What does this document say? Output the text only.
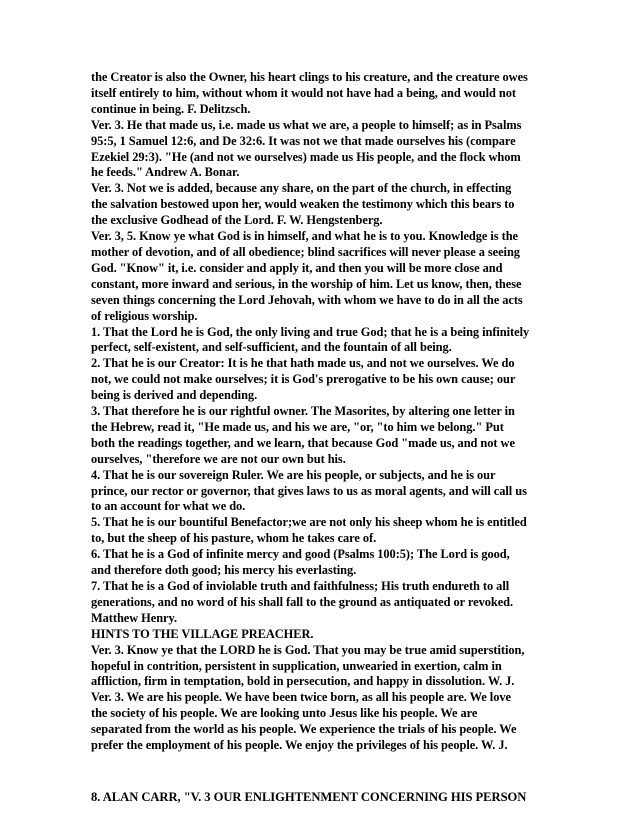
the Creator is also the Owner, his heart clings to his creature, and the creature owes
itself entirely to him, without whom it would not have had a being, and would not
continue in being. F. Delitzsch.
Ver. 3. He that made us, i.e. made us what we are, a people to himself; as in Psalms
95:5, 1 Samuel 12:6, and De 32:6. It was not we that made ourselves his (compare
Ezekiel 29:3). "He (and not we ourselves) made us His people, and the flock whom
he feeds." Andrew A. Bonar.
Ver. 3. Not we is added, because any share, on the part of the church, in effecting
the salvation bestowed upon her, would weaken the testimony which this bears to
the exclusive Godhead of the Lord. F. W. Hengstenberg.
Ver. 3, 5. Know ye what God is in himself, and what he is to you. Knowledge is the
mother of devotion, and of all obedience; blind sacrifices will never please a seeing
God. "Know" it, i.e. consider and apply it, and then you will be more close and
constant, more inward and serious, in the worship of him. Let us know, then, these
seven things concerning the Lord Jehovah, with whom we have to do in all the acts
of religious worship.
1. That the Lord he is God, the only living and true God; that he is a being infinitely
perfect, self-existent, and self-sufficient, and the fountain of all being.
2. That he is our Creator: It is he that hath made us, and not we ourselves. We do
not, we could not make ourselves; it is God's prerogative to be his own cause; our
being is derived and depending.
3. That therefore he is our rightful owner. The Masorites, by altering one letter in
the Hebrew, read it, "He made us, and his we are, "or, "to him we belong." Put
both the readings together, and we learn, that because God "made us, and not we
ourselves, "therefore we are not our own but his.
4. That he is our sovereign Ruler. We are his people, or subjects, and he is our
prince, our rector or governor, that gives laws to us as moral agents, and will call us
to an account for what we do.
5. That he is our bountiful Benefactor;we are not only his sheep whom he is entitled
to, but the sheep of his pasture, whom he takes care of.
6. That he is a God of infinite mercy and good (Psalms 100:5); The Lord is good,
and therefore doth good; his mercy his everlasting.
7. That he is a God of inviolable truth and faithfulness; His truth endureth to all
generations, and no word of his shall fall to the ground as antiquated or revoked.
Matthew Henry.
HINTS TO THE VILLAGE PREACHER.
Ver. 3. Know ye that the LORD he is God. That you may be true amid superstition,
hopeful in contrition, persistent in supplication, unwearied in exertion, calm in
affliction, firm in temptation, bold in persecution, and happy in dissolution. W. J.
Ver. 3. We are his people. We have been twice born, as all his people are. We love
the society of his people. We are looking unto Jesus like his people. We are
separated from the world as his people. We experience the trials of his people. We
prefer the employment of his people. We enjoy the privileges of his people. W. J.
8. ALAN CARR, "V. 3 OUR ENLIGHTENMENT CONCERNING HIS PERSON
